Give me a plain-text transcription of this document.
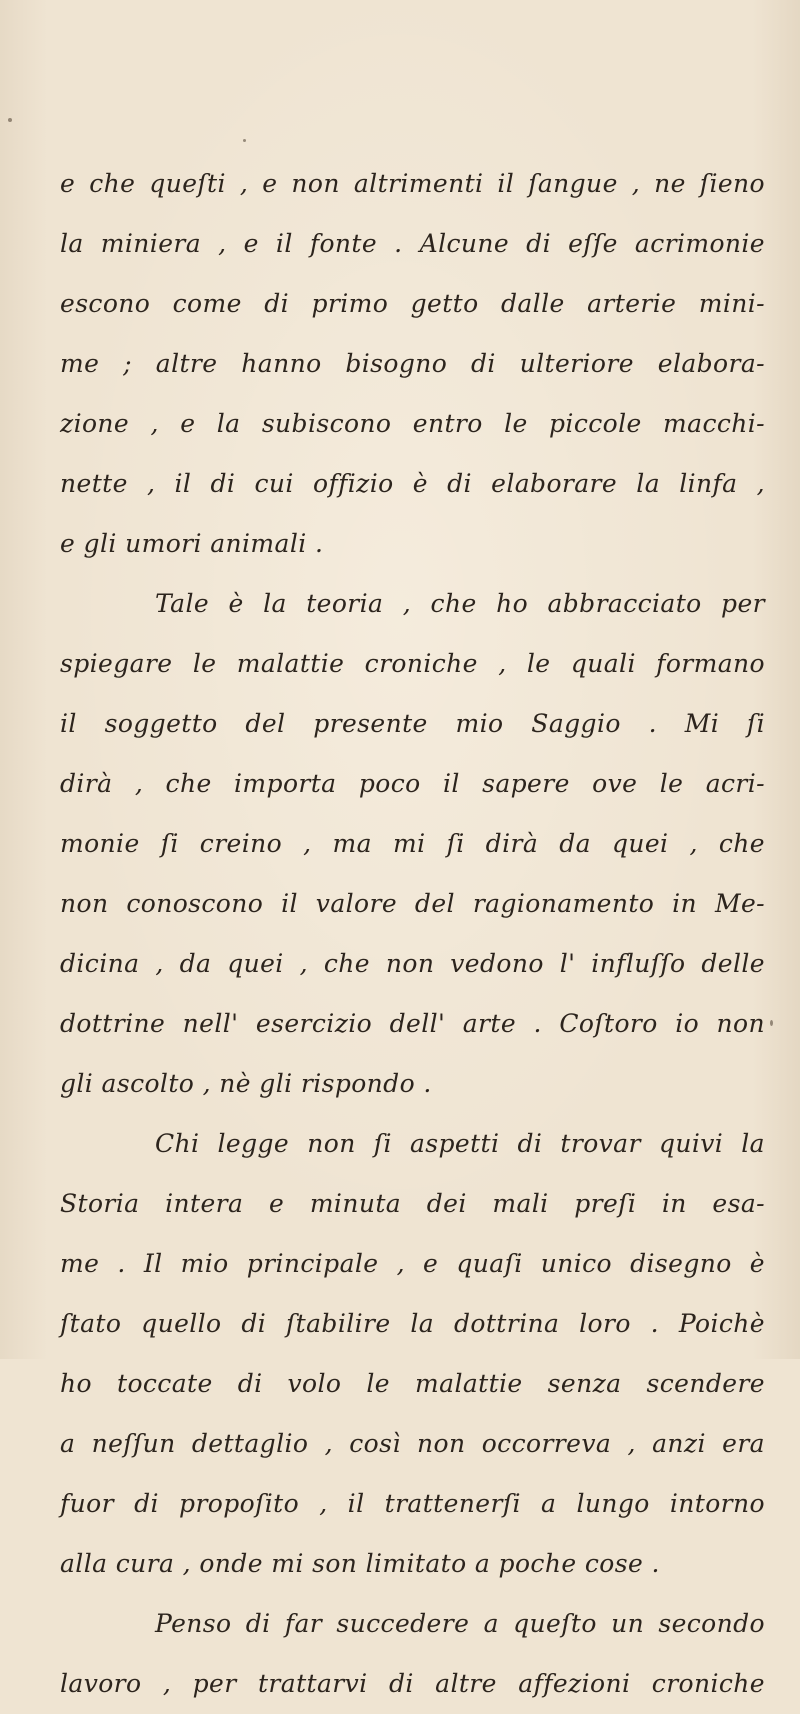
e che queſti , e non altrimenti il ſangue , ne ſieno
la miniera , e il fonte . Alcune di eſſe acrimonie
escono come di primo getto dalle arterie mini-
me ; altre hanno bisogno di ulteriore elabora-
zione , e la subiscono entro le piccole macchi-
nette , il di cui offizio è di elaborare la linfa ,
e gli umori animali .
Tale è la teoria , che ho abbracciato per
spiegare le malattie croniche , le quali formano
il soggetto del presente mio Saggio . Mi ſi
dirà , che importa poco il sapere ove le acri-
monie ſi creino , ma mi ſi dirà da quei , che
non conoscono il valore del ragionamento in Me-
dicina , da quei , che non vedono l' influſſo delle
dottrine nell' esercizio dell' arte . Coſtoro io non
gli ascolto , nè gli rispondo .
Chi legge non ſi aspetti di trovar quivi la
Storia intera e minuta dei mali preſi in esa-
me . Il mio principale , e quaſi unico disegno è
ſtato quello di ſtabilire la dottrina loro . Poichè
ho toccate di volo le malattie senza scendere
a neſſun dettaglio , così non occorreva , anzi era
fuor di propoſito , il trattenerſi a lungo intorno
alla cura , onde mi son limitato a poche cose .
Penso di far succedere a queſto un secondo
lavoro , per trattarvi di altre affezioni croniche
